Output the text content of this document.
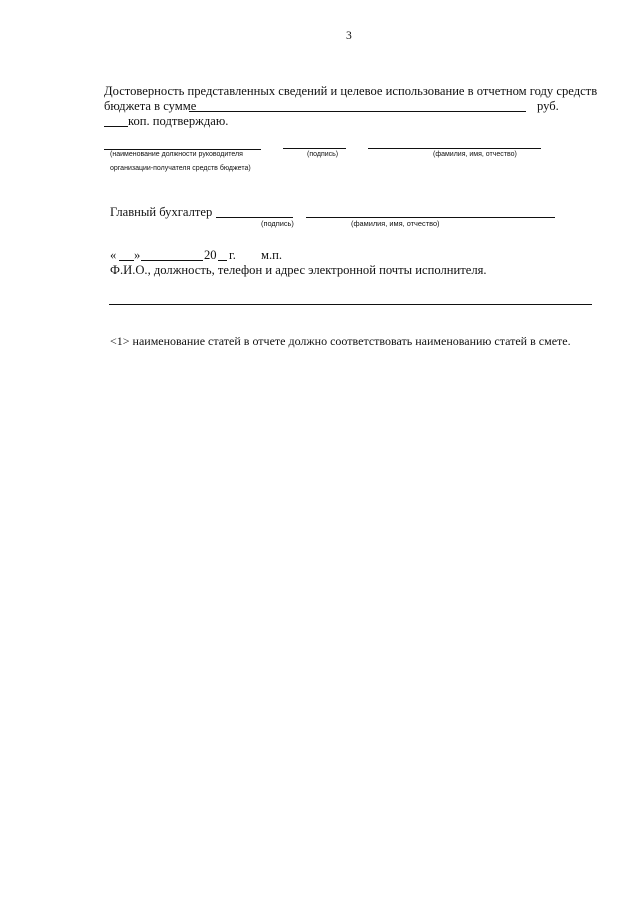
3
Достоверность представленных сведений и целевое использование в отчетном году средств
бюджета в сумме	руб.
коп. подтверждаю.
(наименование должности руководителя	(подпись)	(фамилия, имя, отчество)
организации-получателя средств бюджета)
Главный бухгалтер
(подпись)	(фамилия, имя, отчество)
« »	20 г. м.п.
Ф.И.О., должность, телефон и адрес электронной почты исполнителя.
<1> наименование статей в отчете должно соответствовать наименованию статей в смете.
